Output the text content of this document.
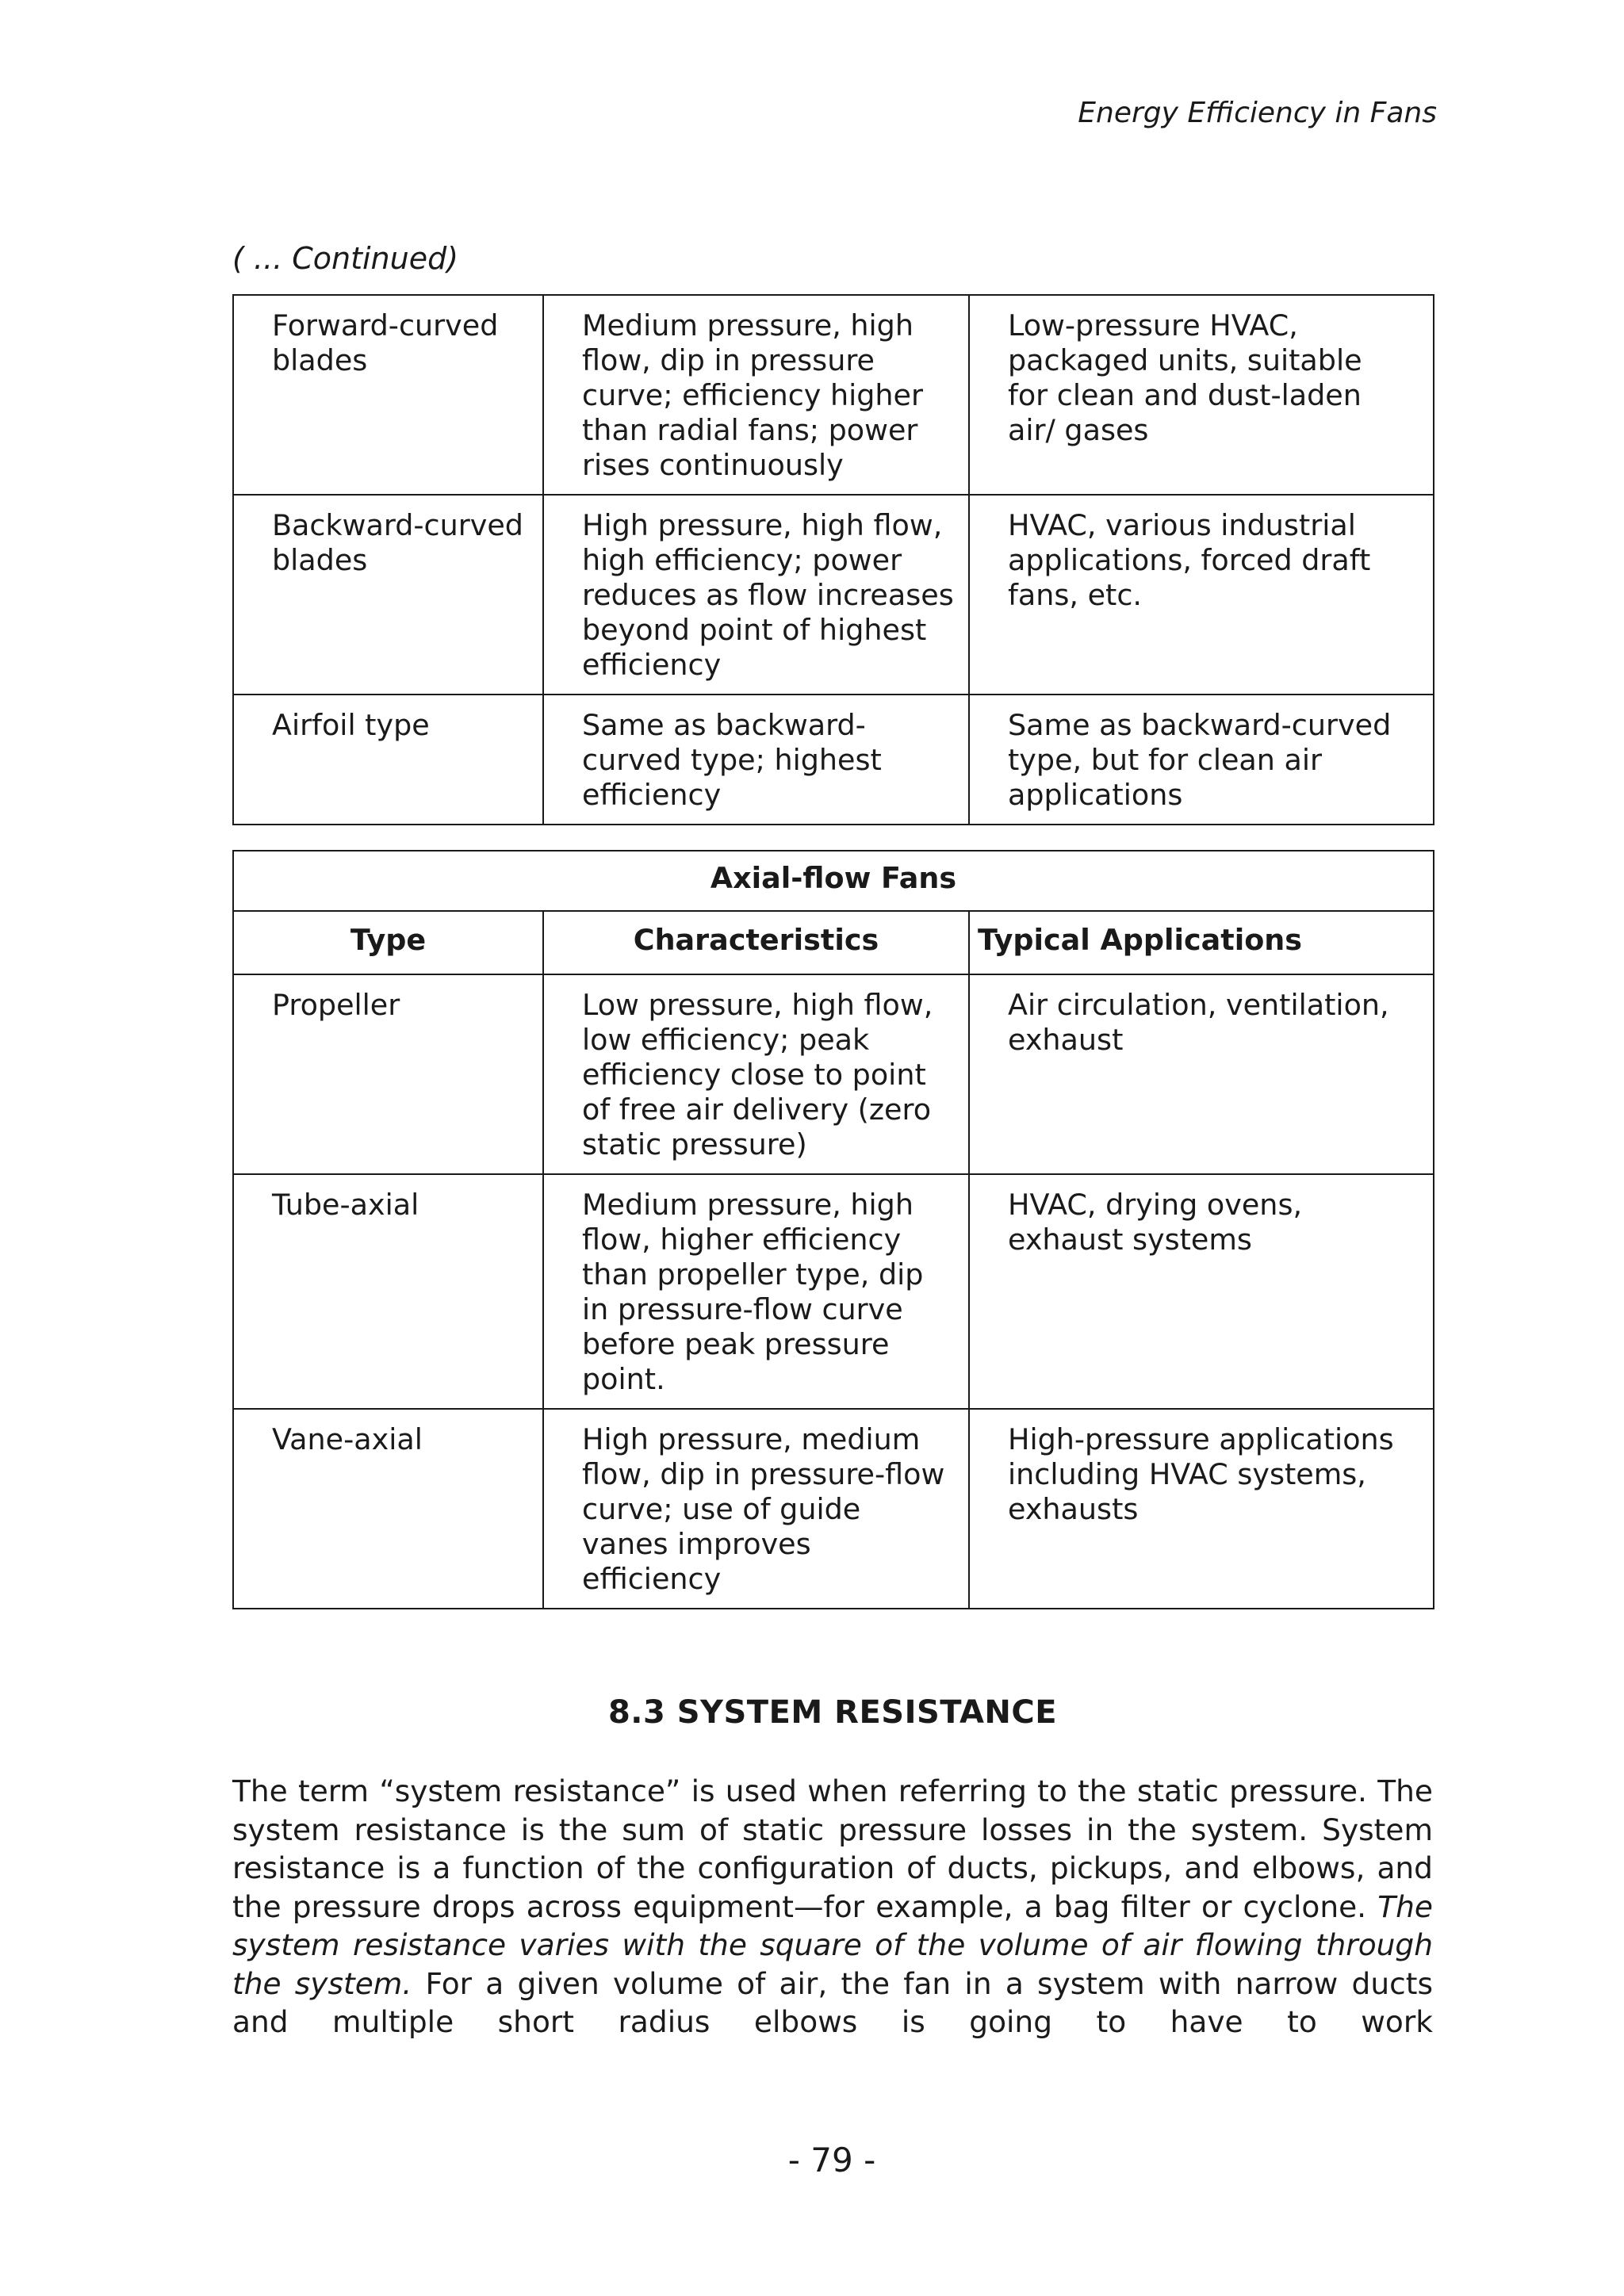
Energy Efficiency in Fans
( ... Continued)
Forward-curved blades	Medium pressure, high flow, dip in pressure curve; efficiency higher than radial fans; power rises continuously	Low-pressure HVAC, packaged units, suitable for clean and dust-laden air/ gases
Backward-curved blades	High pressure, high flow, high efficiency; power reduces as flow increases beyond point of highest efficiency	HVAC, various industrial applications, forced draft fans, etc.
Airfoil type	Same as backward-curved type; highest efficiency	Same as backward-curved type, but for clean air applications
Axial-flow Fans		
Type	Characteristics	Typical Applications
Propeller	Low pressure, high flow, low efficiency; peak efficiency close to point of free air delivery (zero static pressure)	Air circulation, ventilation, exhaust
Tube-axial	Medium pressure, high flow, higher efficiency than propeller type, dip in pressure-flow curve before peak pressure point.	HVAC, drying ovens, exhaust systems
Vane-axial	High pressure, medium flow, dip in pressure-flow curve; use of guide vanes improves efficiency	High-pressure applications including HVAC systems, exhausts
8.3 SYSTEM RESISTANCE

The term “system resistance” is used when referring to the static pressure. The system resistance is the sum of static pressure losses in the system. System resistance is a function of the configuration of ducts, pickups, and elbows, and the pressure drops across equipment—for example, a bag filter or cyclone. The system resistance varies with the square of the volume of air flowing through the system. For a given volume of air, the fan in a system with narrow ducts and multiple short radius elbows is going to have to work

- 79 -
